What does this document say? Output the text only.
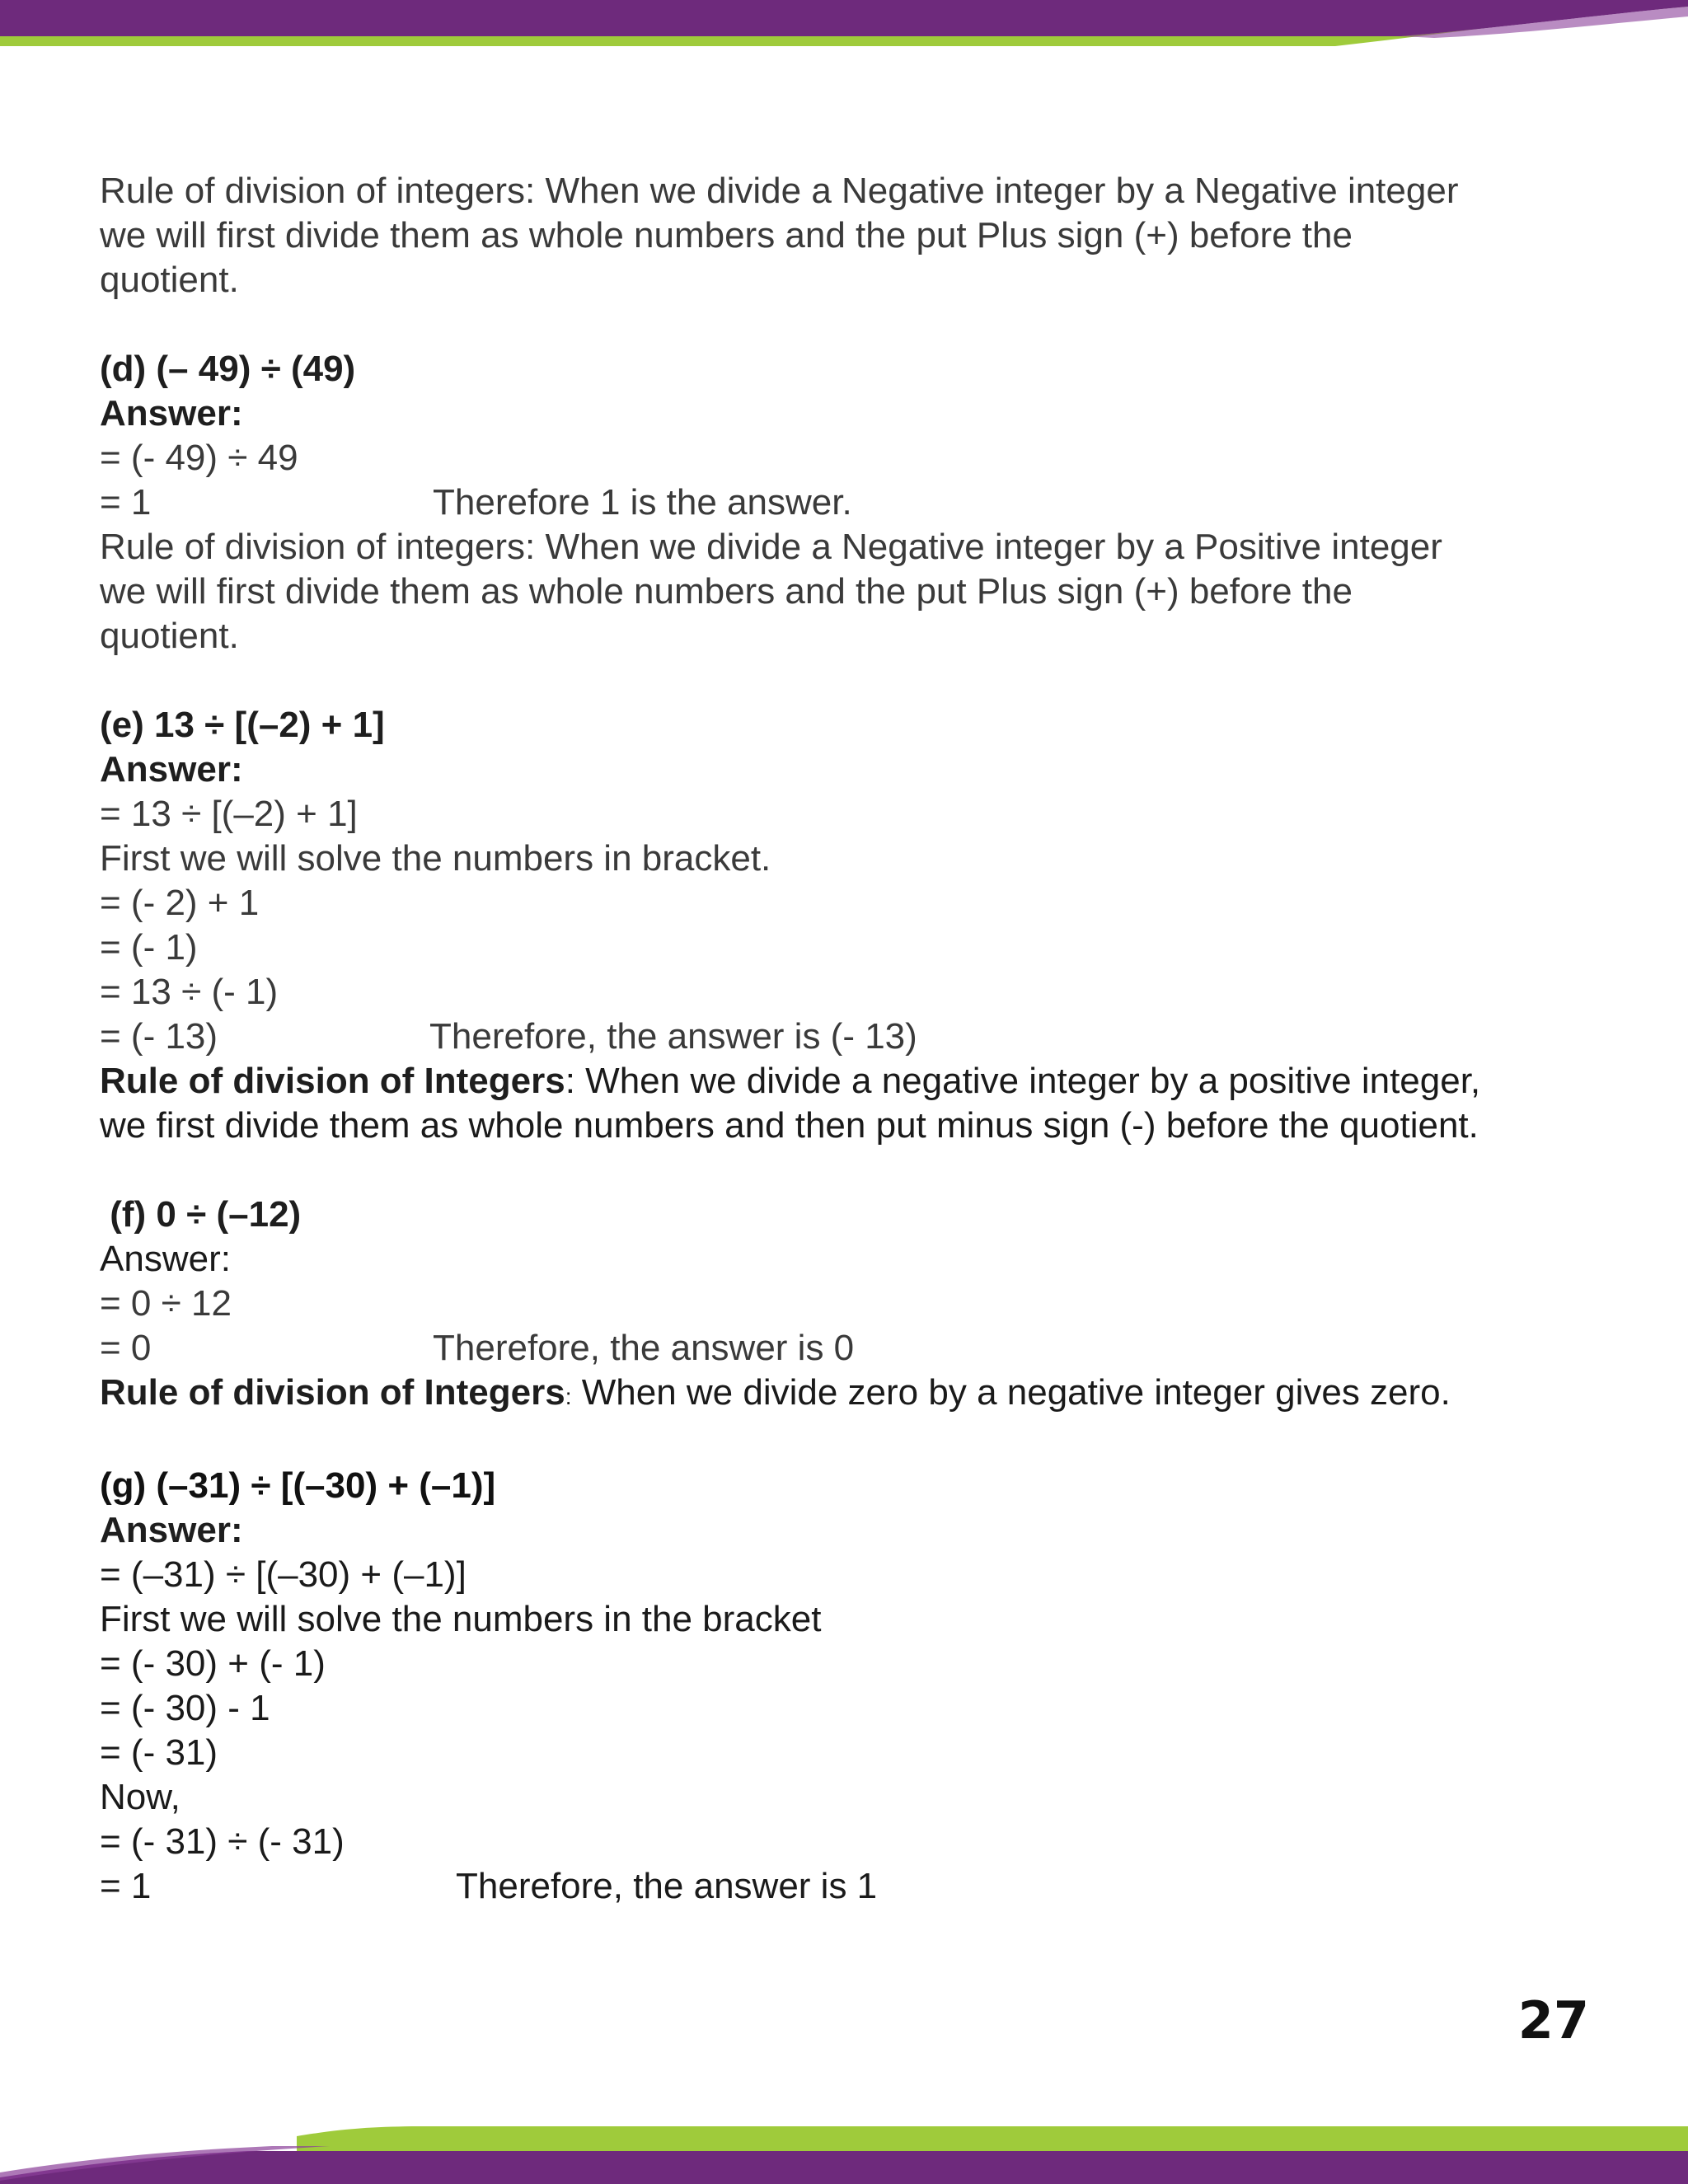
Rule of division of integers: When we divide a Negative integer by a Negative integer
we will first divide them as whole numbers and the put Plus sign (+) before the
quotient.
(d) (– 49) ÷ (49)
Answer:
= (- 49) ÷ 49
= 1	Therefore 1 is the answer.
Rule of division of integers: When we divide a Negative integer by a Positive integer
we will first divide them as whole numbers and the put Plus sign (+) before the
quotient.
(e) 13 ÷ [(–2) + 1]
Answer:
= 13 ÷ [(–2) + 1]
First we will solve the numbers in bracket.
= (- 2) + 1
= (- 1)
= 13 ÷ (- 1)
= (- 13)	Therefore, the answer is (- 13)
Rule of division of Integers: When we divide a negative integer by a positive integer,
we first divide them as whole numbers and then put minus sign (-) before the quotient.
(f) 0 ÷ (–12)
Answer:
= 0 ÷ 12
= 0	Therefore, the answer is 0
Rule of division of Integers: When we divide zero by a negative integer gives zero.
(g) (–31) ÷ [(–30) + (–1)]
Answer:
= (–31) ÷ [(–30) + (–1)]
First we will solve the numbers in the bracket
= (- 30) + (- 1)
= (- 30) - 1
= (- 31)
Now,
= (- 31) ÷ (- 31)
= 1	Therefore, the answer is 1
27
